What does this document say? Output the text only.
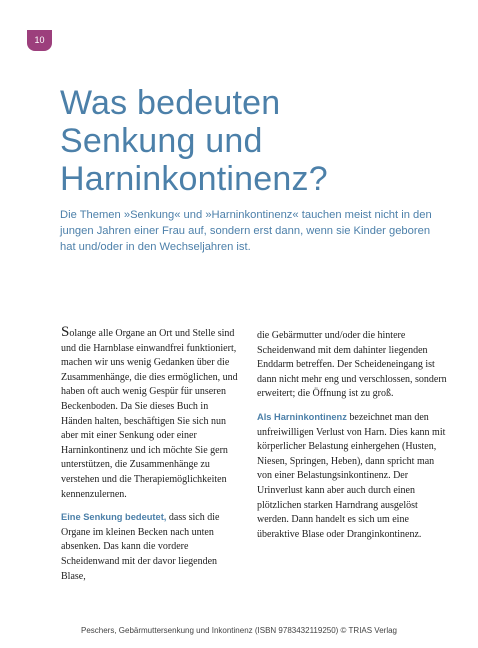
10
Was bedeuten
Senkung und
Harninkontinenz?

Die Themen »Senkung« und »Harninkontinenz« tauchen meist nicht in den jungen Jahren einer Frau auf, sondern erst dann, wenn sie Kinder geboren hat und/oder in den Wechseljahren ist.

Solange alle Organe an Ort und Stelle sind und die Harnblase einwandfrei funktioniert, machen wir uns wenig Gedanken über die Zusammenhänge, die dies ermöglichen, und haben oft auch wenig Gespür für unseren Beckenboden. Da Sie dieses Buch in Händen halten, beschäftigen Sie sich nun aber mit einer Senkung oder einer Harninkontinenz und ich möchte Sie gern unterstützen, die Zusammenhänge zu verstehen und die Therapiemöglichkeiten kennenzulernen.

Eine Senkung bedeutet, dass sich die Organe im kleinen Becken nach unten absenken. Das kann die vordere Scheidenwand mit der davor liegenden Blase,

die Gebärmutter und/oder die hintere Scheidenwand mit dem dahinter liegenden Enddarm betreffen. Der Scheideneingang ist dann nicht mehr eng und verschlossen, sondern erweitert; die Öffnung ist zu groß.

Als Harninkontinenz bezeichnet man den unfreiwilligen Verlust von Harn. Dies kann mit körperlicher Belastung einhergehen (Husten, Niesen, Springen, Heben), dann spricht man von einer Belastungsinkontinenz. Der Urinverlust kann aber auch durch einen plötzlichen starken Harndrang ausgelöst werden. Dann handelt es sich um eine überaktive Blase oder Dranginkontinenz.

Peschers, Gebärmuttersenkung und Inkontinenz (ISBN 9783432119250) © TRIAS Verlag
